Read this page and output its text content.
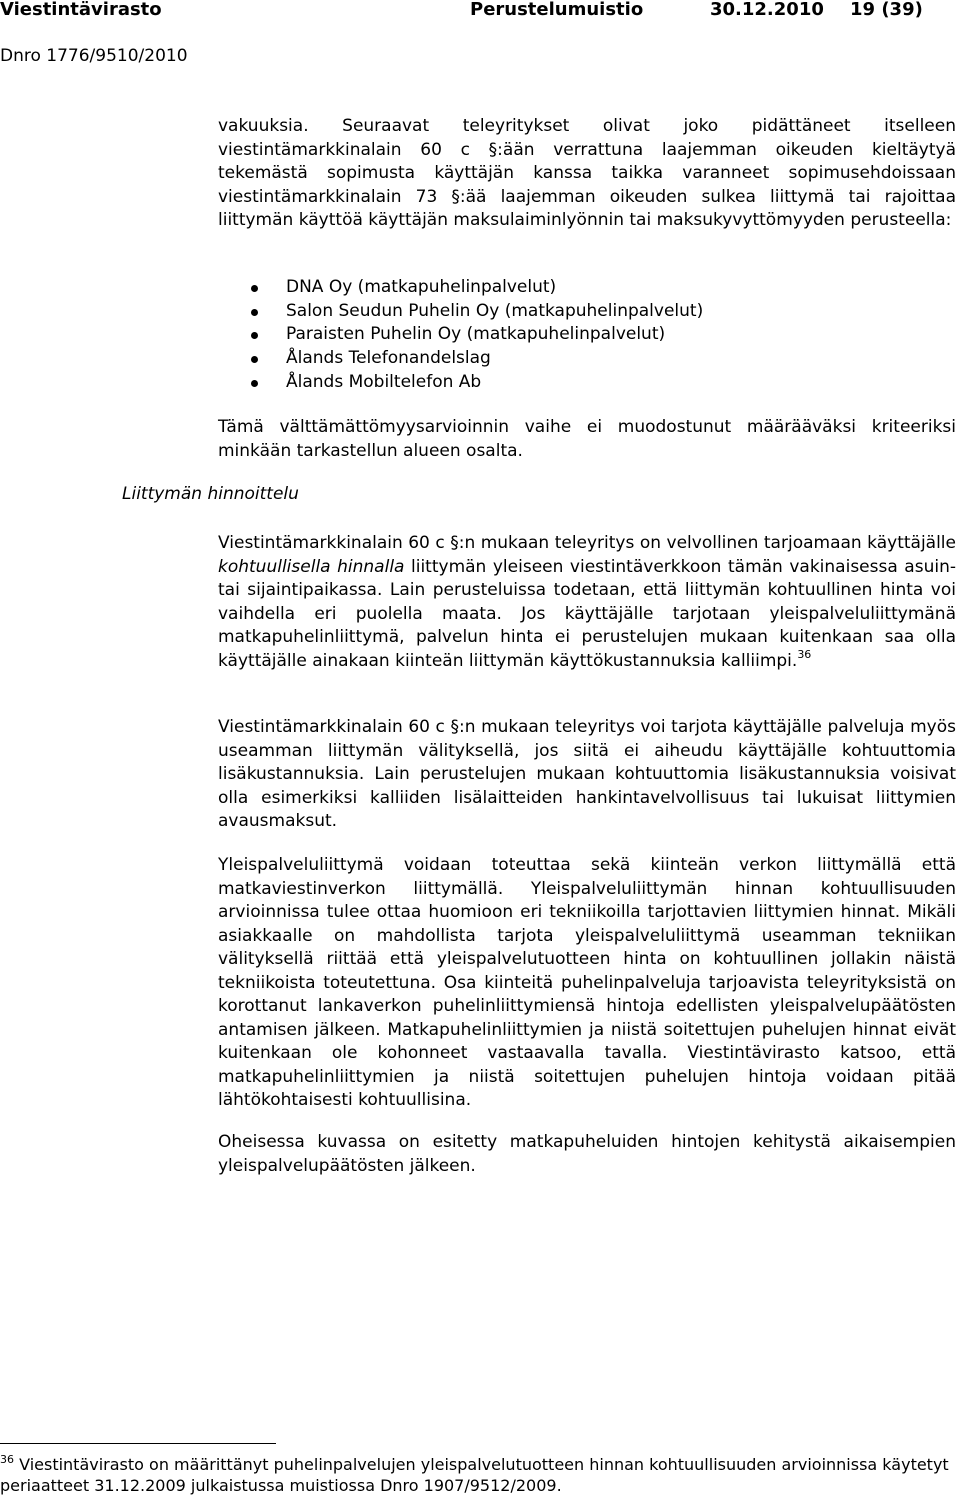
Viestintävirasto	Perustelumuistio	30.12.2010 19 (39)
Dnro 1776/9510/2010

vakuuksia. Seuraavat teleyritykset olivat joko pidättäneet itselleen viestintämarkkinalain 60 c §:ään verrattuna laajemman oikeuden kieltäytyä tekemästä sopimusta käyttäjän kanssa taikka varanneet sopimusehdoissaan viestintämarkkinalain 73 §:ää laajemman oikeuden sulkea liittymä tai rajoittaa liittymän käyttöä käyttäjän maksulaiminlyönnin tai maksukyvyttömyyden perusteella:

DNA Oy (matkapuhelinpalvelut)
Salon Seudun Puhelin Oy (matkapuhelinpalvelut)
Paraisten Puhelin Oy (matkapuhelinpalvelut)
Ålands Telefonandelslag
Ålands Mobiltelefon Ab

Tämä välttämättömyysarvioinnin vaihe ei muodostunut määrääväksi kriteeriksi minkään tarkastellun alueen osalta.

Liittymän hinnoittelu

Viestintämarkkinalain 60 c §:n mukaan teleyritys on velvollinen tarjoamaan käyttäjälle kohtuullisella hinnalla liittymän yleiseen viestintäverkkoon tämän vakinaisessa asuin- tai sijaintipaikassa. Lain perusteluissa todetaan, että liittymän kohtuullinen hinta voi vaihdella eri puolella maata. Jos käyttäjälle tarjotaan yleispalveluliittymänä matkapuhelinliittymä, palvelun hinta ei perustelujen mukaan kuitenkaan saa olla käyttäjälle ainakaan kiinteän liittymän käyttökustannuksia kalliimpi.$^{36}$

Viestintämarkkinalain 60 c §:n mukaan teleyritys voi tarjota käyttäjälle palveluja myös useamman liittymän välityksellä, jos siitä ei aiheudu käyttäjälle kohtuuttomia lisäkustannuksia. Lain perustelujen mukaan kohtuuttomia lisäkustannuksia voisivat olla esimerkiksi kalliiden lisälaitteiden hankintavelvollisuus tai lukuisat liittymien avausmaksut.

Yleispalveluliittymä voidaan toteuttaa sekä kiinteän verkon liittymällä että matkaviestinverkon liittymällä. Yleispalveluliittymän hinnan kohtuullisuuden arvioinnissa tulee ottaa huomioon eri tekniikoilla tarjottavien liittymien hinnat. Mikäli asiakkaalle on mahdollista tarjota yleispalveluliittymä useamman tekniikan välityksellä riittää että yleispalvelutuotteen hinta on kohtuullinen jollakin näistä tekniikoista toteutettuna. Osa kiinteitä puhelinpalveluja tarjoavista teleyrityksistä on korottanut lankaverkon puhelinliittymiensä hintoja edellisten yleispalvelupäätösten antamisen jälkeen. Matkapuhelinliittymien ja niistä soitettujen puhelujen hinnat eivät kuitenkaan ole kohonneet vastaavalla tavalla. Viestintävirasto katsoo, että matkapuhelinliittymien ja niistä soitettujen puhelujen hintoja voidaan pitää lähtökohtaisesti kohtuullisina.

Oheisessa kuvassa on esitetty matkapuheluiden hintojen kehitystä aikaisempien yleispalvelupäätösten jälkeen.

$^{36}$ Viestintävirasto on määrittänyt puhelinpalvelujen yleispalvelutuotteen hinnan kohtuullisuuden arvioinnissa käytetyt periaatteet 31.12.2009 julkaistussa muistiossa Dnro 1907/9512/2009.
